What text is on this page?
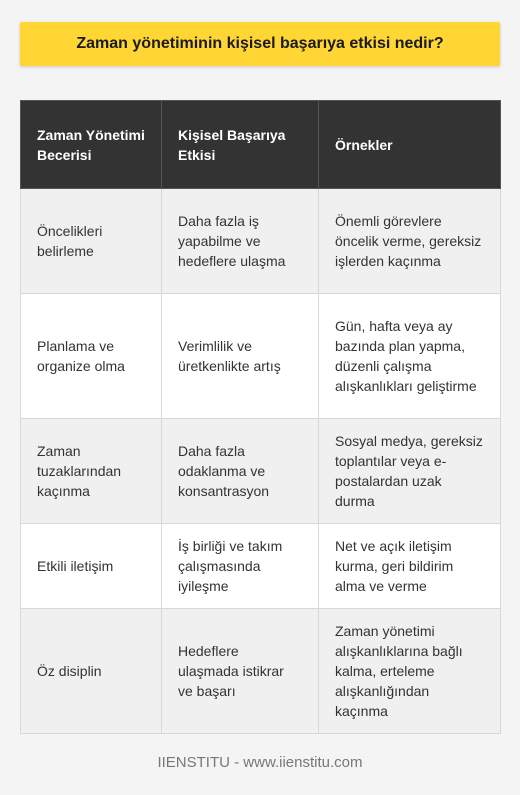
Zaman yönetiminin kişisel başarıya etkisi nedir?
Zaman Yönetimi Becerisi	Kişisel Başarıya Etkisi	Örnekler
Öncelikleri belirleme	Daha fazla iş yapabilme ve hedeflere ulaşma	Önemli görevlere öncelik verme, gereksiz işlerden kaçınma
Planlama ve organize olma	Verimlilik ve üretkenlikte artış	Gün, hafta veya ay bazında plan yapma, düzenli çalışma alışkanlıkları geliştirme
Zaman tuzaklarından kaçınma	Daha fazla odaklanma ve konsantrasyon	Sosyal medya, gereksiz toplantılar veya e-postalardan uzak durma
Etkili iletişim	İş birliği ve takım çalışmasında iyileşme	Net ve açık iletişim kurma, geri bildirim alma ve verme
Öz disiplin	Hedeflere ulaşmada istikrar ve başarı	Zaman yönetimi alışkanlıklarına bağlı kalma, erteleme alışkanlığından kaçınma
IIENSTITU - www.iienstitu.com
